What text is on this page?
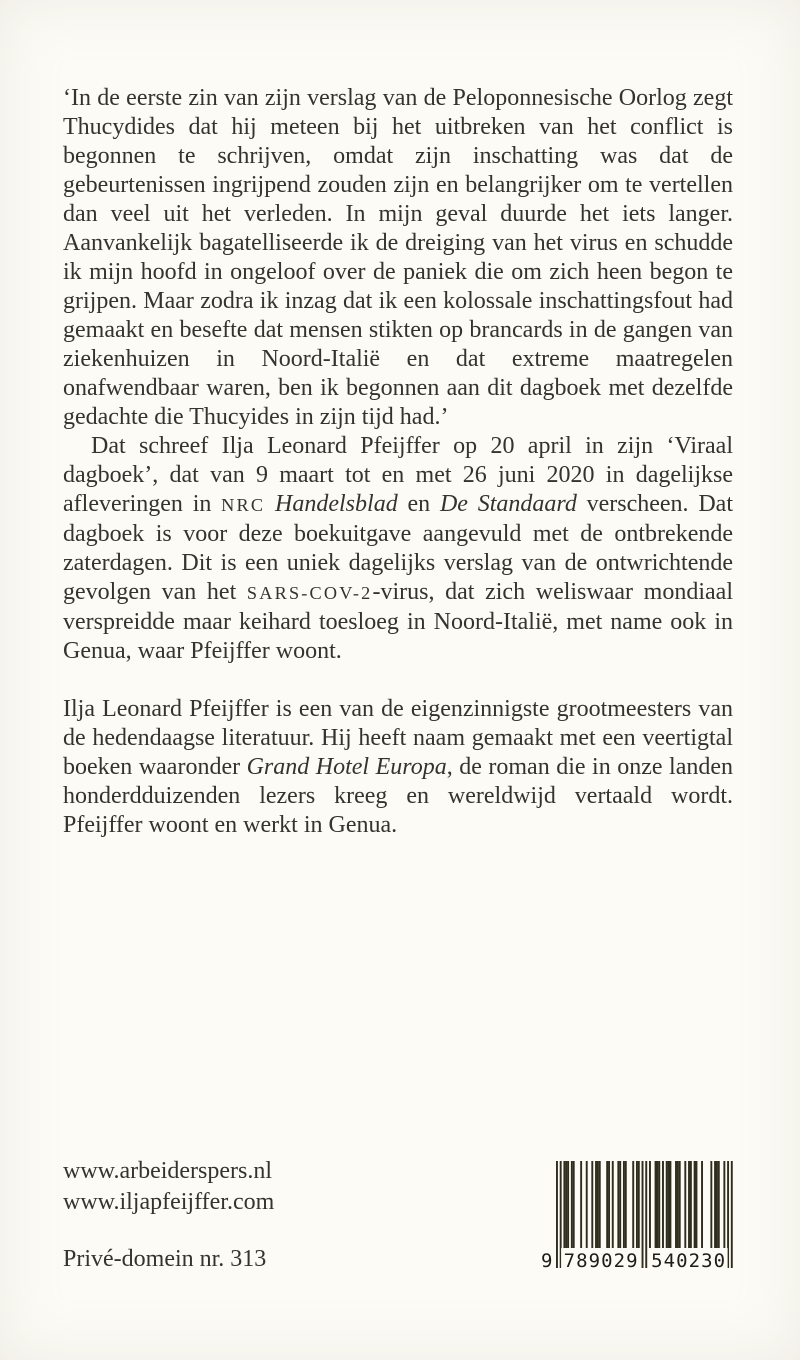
‘In de eerste zin van zijn verslag van de Peloponnesische Oorlog zegt Thucydides dat hij meteen bij het uitbreken van het conflict is begonnen te schrijven, omdat zijn inschatting was dat de gebeurtenissen ingrijpend zouden zijn en belangrijker om te vertellen dan veel uit het verleden. In mijn geval duurde het iets langer. Aanvankelijk bagatelliseerde ik de dreiging van het virus en schudde ik mijn hoofd in ongeloof over de paniek die om zich heen begon te grijpen. Maar zodra ik inzag dat ik een kolossale inschattingsfout had gemaakt en besefte dat mensen stikten op brancards in de gangen van ziekenhuizen in Noord-Italië en dat extreme maatregelen onafwendbaar waren, ben ik begonnen aan dit dagboek met dezelfde gedachte die Thucyides in zijn tijd had.’

Dat schreef Ilja Leonard Pfeijffer op 20 april in zijn ‘Viraal dagboek’, dat van 9 maart tot en met 26 juni 2020 in dagelijkse afleveringen in NRC Handelsblad en De Standaard verscheen. Dat dagboek is voor deze boekuitgave aangevuld met de ontbrekende zaterdagen. Dit is een uniek dagelijks verslag van de ontwrichtende gevolgen van het SARS-COV-2-virus, dat zich weliswaar mondiaal verspreidde maar keihard toesloeg in Noord-Italië, met name ook in Genua, waar Pfeijffer woont.

Ilja Leonard Pfeijffer is een van de eigenzinnigste grootmeesters van de hedendaagse literatuur. Hij heeft naam gemaakt met een veertigtal boeken waaronder Grand Hotel Europa, de roman die in onze landen honderdduizenden lezers kreeg en wereldwijd vertaald wordt. Pfeijffer woont en werkt in Genua.

www.arbeiderspers.nl
www.iljapfeijffer.com
Privé-domein nr. 313	9 789029 540230
